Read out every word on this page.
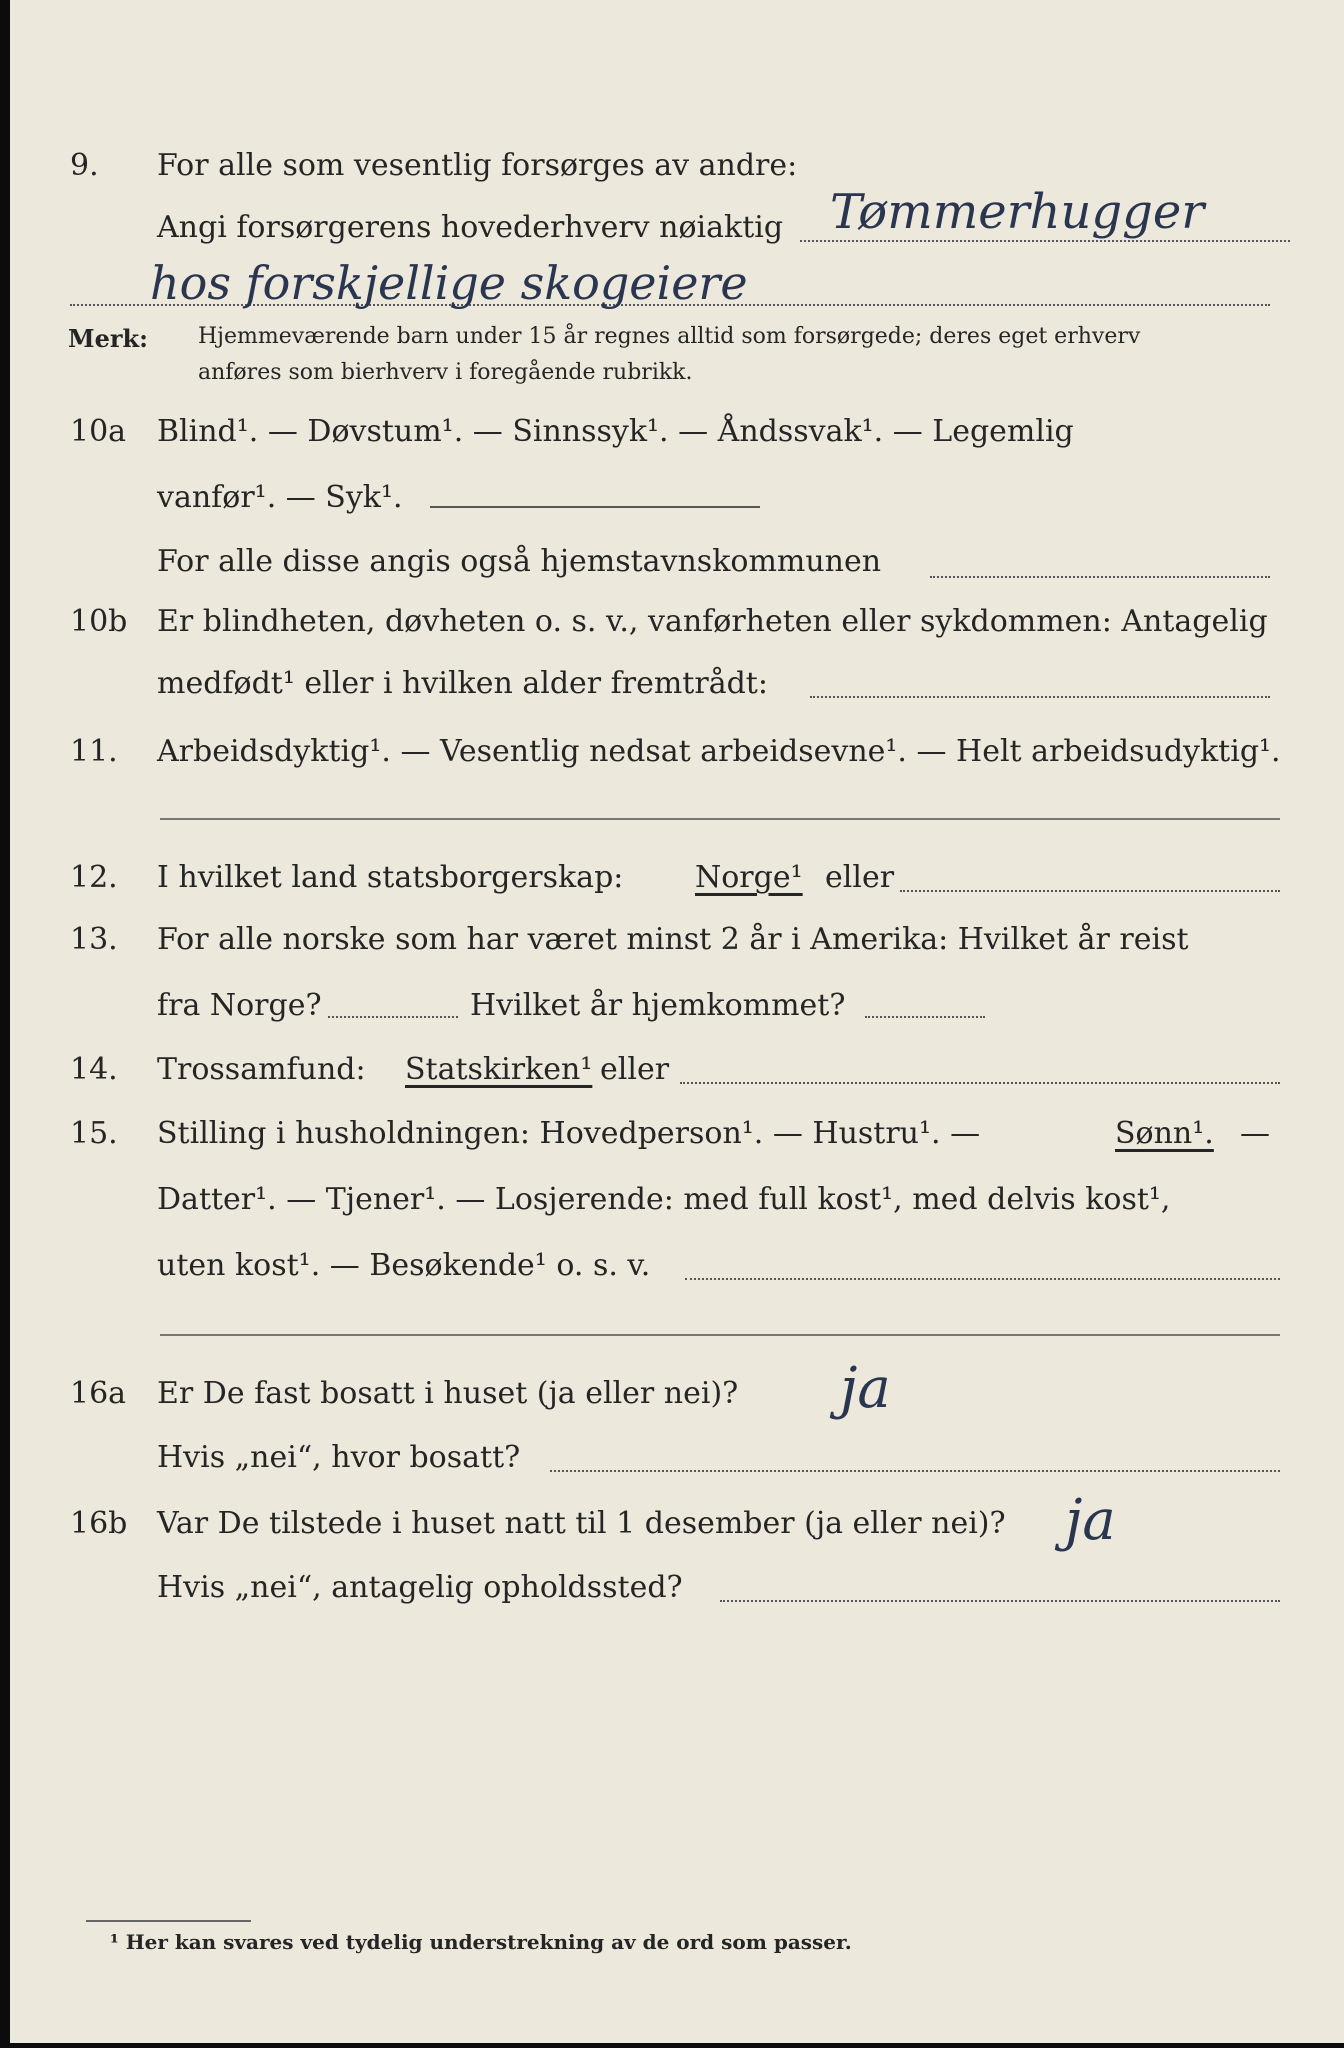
9. For alle som vesentlig forsørges av andre:
Angi forsørgerens hovederhverv nøiaktig Tømmerhugger
hos forskjellige skogeiere
Merk: Hjemmeværende barn under 15 år regnes alltid som forsørgede; deres eget erhverv
anføres som bierhverv i foregående rubrikk.
10a Blind¹. — Døvstum¹. — Sinnssyk¹. — Åndssvak¹. — Legemlig
vanfør¹. — Syk¹.
For alle disse angis også hjemstavnskommunen
10b Er blindheten, døvheten o. s. v., vanførheten eller sykdommen: Antagelig
medfødt¹ eller i hvilken alder fremtrådt:
11. Arbeidsdyktig¹. — Vesentlig nedsat arbeidsevne¹. — Helt arbeidsudyktig¹.
12. I hvilket land statsborgerskap: Norge¹ eller
13. For alle norske som har været minst 2 år i Amerika: Hvilket år reist
fra Norge?	Hvilket år hjemkommet?
14. Trossamfund: Statskirken¹ eller
15. Stilling i husholdningen: Hovedperson¹. — Hustru¹. —	Sønn¹. —
Datter¹. — Tjener¹. — Losjerende: med full kost¹, med delvis kost¹,
uten kost¹. — Besøkende¹ o. s. v.
16a Er De fast bosatt i huset (ja eller nei)? ja
Hvis „nei“, hvor bosatt?
16b Var De tilstede i huset natt til 1 desember (ja eller nei)? ja
Hvis „nei“, antagelig opholdssted?
¹ Her kan svares ved tydelig understrekning av de ord som passer.
